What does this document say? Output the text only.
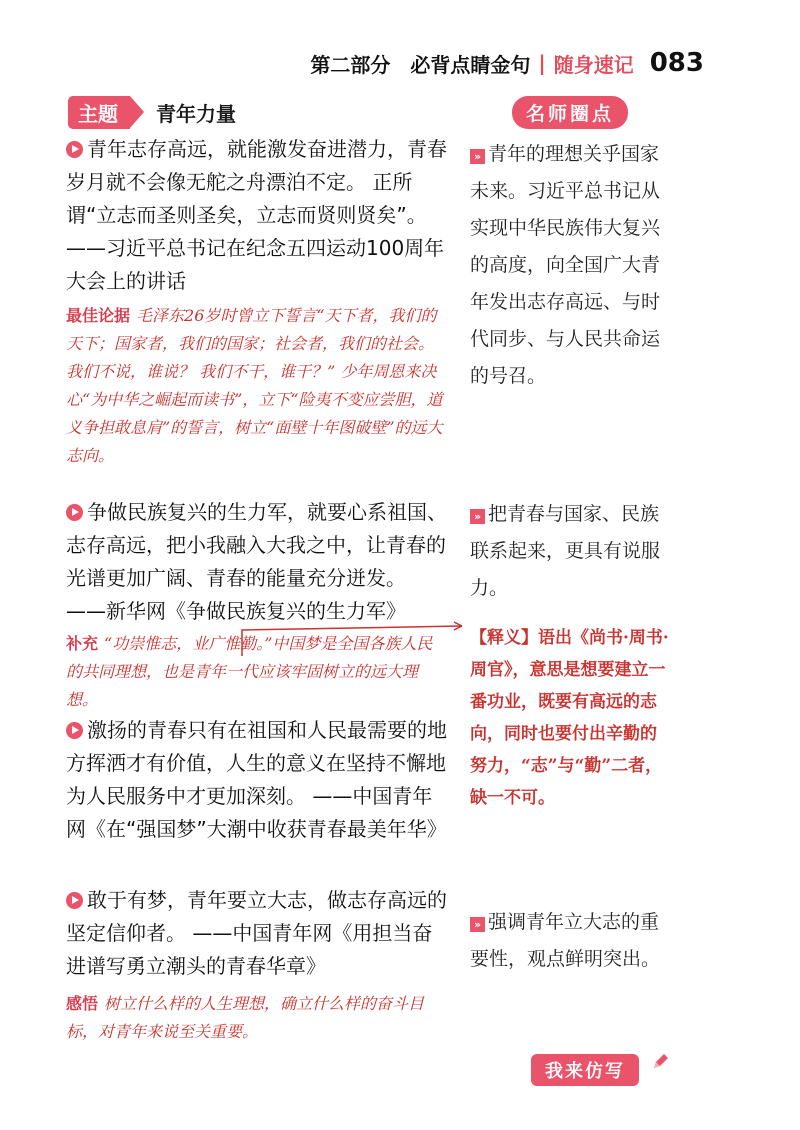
第二部分　必背点睛金句 | 随身速记 083
主题	青年力量	名师圈点
青年志存高远，就能激发奋进潜力，青春岁月就不会像无舵之舟漂泊不定。 正所谓“立志而圣则圣矣，立志而贤则贤矣”。 ——习近平总书记在纪念五四运动100周年大会上的讲话
最佳论据 毛泽东26岁时曾立下誓言“天下者，我们的天下；国家者，我们的国家；社会者，我们的社会。 我们不说，谁说？ 我们不干，谁干？” 少年周恩来决心“为中华之崛起而读书”，立下“险夷不变应尝胆，道义争担敢息肩”的誓言，树立“面壁十年图破壁”的远大志向。
争做民族复兴的生力军，就要心系祖国、志存高远，把小我融入大我之中，让青春的光谱更加广阔、青春的能量充分迸发。 ——新华网《争做民族复兴的生力军》
补充 “功崇惟志，业广惟勤。”中国梦是全国各族人民的共同理想，也是青年一代应该牢固树立的远大理想。
激扬的青春只有在祖国和人民最需要的地方挥洒才有价值，人生的意义在坚持不懈地为人民服务中才更加深刻。 ——中国青年网《在“强国梦”大潮中收获青春最美年华》
敢于有梦，青年要立大志，做志存高远的坚定信仰者。 ——中国青年网《用担当奋进谱写勇立潮头的青春华章》
感悟 树立什么样的人生理想，确立什么样的奋斗目标，对青年来说至关重要。
» 青年的理想关乎国家未来。习近平总书记从实现中华民族伟大复兴的高度，向全国广大青年发出志存高远、与时代同步、与人民共命运的号召。
» 把青春与国家、民族联系起来，更具有说服力。
【释义】语出《尚书·周书·周官》，意思是想要建立一番功业，既要有高远的志向，同时也要付出辛勤的努力，“志”与“勤”二者，缺一不可。
» 强调青年立大志的重要性，观点鲜明突出。
我来仿写
